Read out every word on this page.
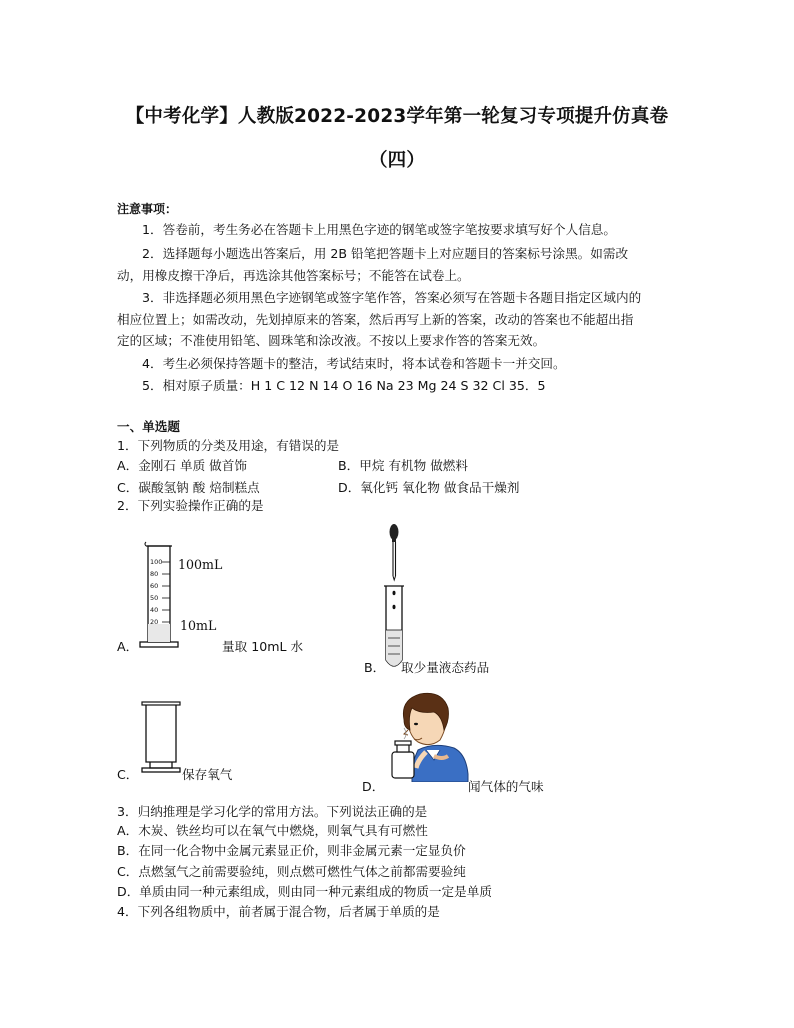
【中考化学】人教版2022-2023学年第一轮复习专项提升仿真卷
（四）
注意事项：
1．答卷前，考生务必在答题卡上用黑色字迹的钢笔或签字笔按要求填写好个人信息。
2．选择题每小题选出答案后，用 2B 铅笔把答题卡上对应题目的答案标号涂黑。如需改
动，用橡皮擦干净后，再选涂其他答案标号；不能答在试卷上。
3．非选择题必须用黑色字迹钢笔或签字笔作答，答案必须写在答题卡各题目指定区域内的
相应位置上；如需改动，先划掉原来的答案，然后再写上新的答案，改动的答案也不能超出指
定的区域；不准使用铅笔、圆珠笔和涂改液。不按以上要求作答的答案无效。
4．考生必须保持答题卡的整洁，考试结束时，将本试卷和答题卡一并交回。
5．相对原子质量：H 1 C 12 N 14 O 16 Na 23 Mg 24 S 32 Cl 35．5
一、单选题
1．下列物质的分类及用途，有错误的是
A．金刚石 单质 做首饰	B．甲烷 有机物 做燃料
C．碳酸氢钠 酸 焙制糕点	D．氧化钙 氧化物 做食品干燥剂
2．下列实验操作正确的是
A．
100
80
60
50
40
20
100mL
10mL
量取 10mL 水
B． 取少量液态药品
C．	保存氧气
D．	闻气体的气味
3．归纳推理是学习化学的常用方法。下列说法正确的是
A．木炭、铁丝均可以在氧气中燃烧，则氧气具有可燃性
B．在同一化合物中金属元素显正价，则非金属元素一定显负价
C．点燃氢气之前需要验纯，则点燃可燃性气体之前都需要验纯
D．单质由同一种元素组成，则由同一种元素组成的物质一定是单质
4．下列各组物质中，前者属于混合物，后者属于单质的是
